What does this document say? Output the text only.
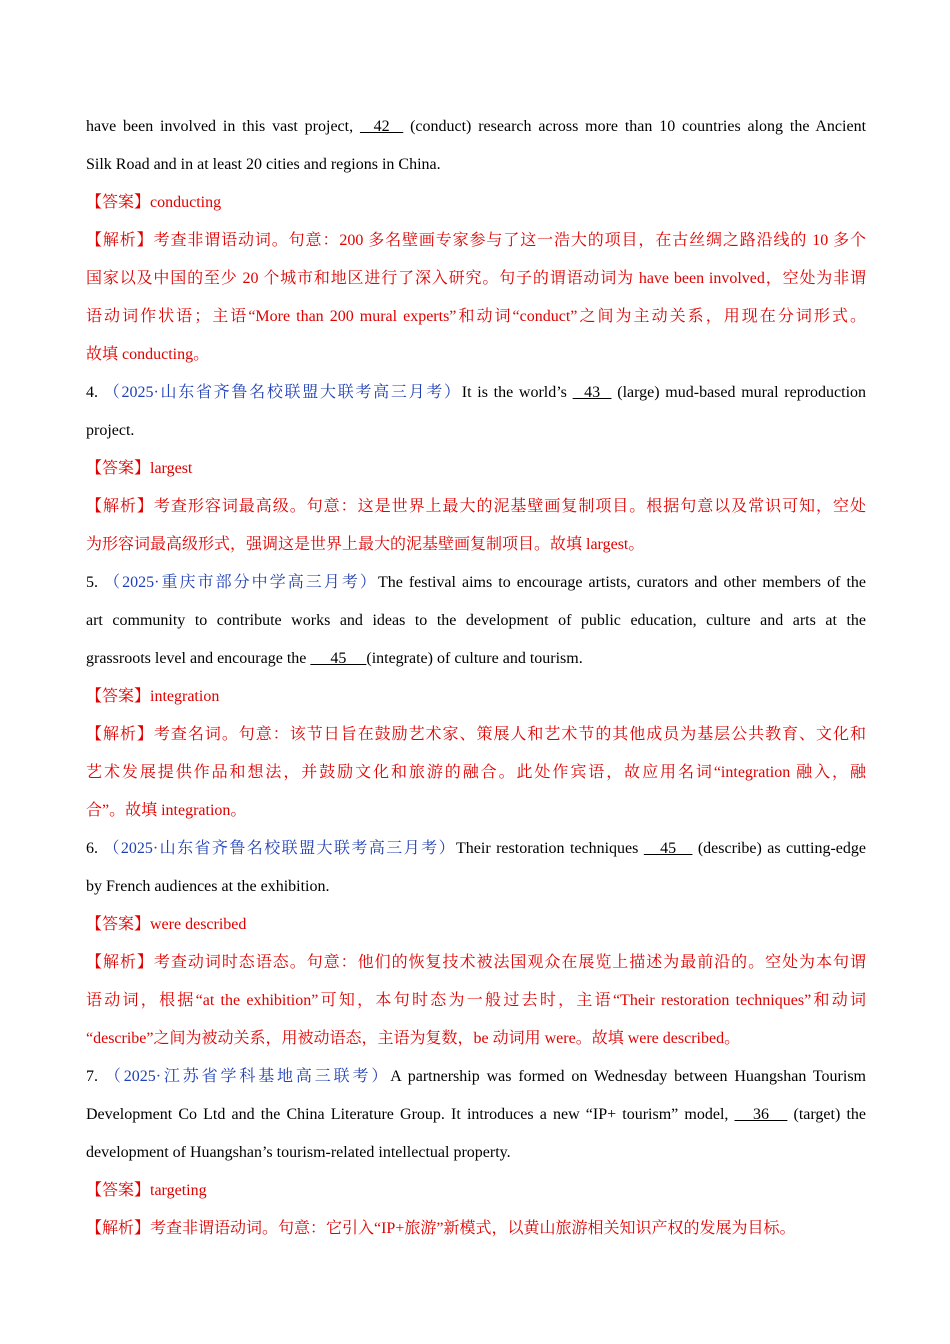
have been involved in this vast project,   42   (conduct) research across more than 10 countries along the Ancient
Silk Road and in at least 20 cities and regions in China.
【答案】conducting
【解析】考查非谓语动词。句意：200 多名壁画专家参与了这一浩大的项目，在古丝绸之路沿线的 10 多个
国家以及中国的至少 20 个城市和地区进行了深入研究。句子的谓语动词为 have been involved，空处为非谓
语动词作状语；主语“More than 200 mural experts”和动词“conduct”之间为主动关系，用现在分词形式。
故填 conducting。
4. （2025·山东省齐鲁名校联盟大联考高三月考）It is the world’s   43   (large) mud-based mural reproduction
project.
【答案】largest
【解析】考查形容词最高级。句意：这是世界上最大的泥基壁画复制项目。根据句意以及常识可知，空处
为形容词最高级形式，强调这是世界上最大的泥基壁画复制项目。故填 largest。
5. （2025·重庆市部分中学高三月考）The festival aims to encourage artists, curators and other members of the
art community to contribute works and ideas to the development of public education, culture and arts at the
grassroots level and encourage the      45     (integrate) of culture and tourism.
【答案】integration
【解析】考查名词。句意：该节日旨在鼓励艺术家、策展人和艺术节的其他成员为基层公共教育、文化和
艺术发展提供作品和想法，并鼓励文化和旅游的融合。此处作宾语，故应用名词“integration 融入，融
合”。故填 integration。
6. （2025·山东省齐鲁名校联盟大联考高三月考）Their restoration techniques    45    (describe) as cutting-edge
by French audiences at the exhibition.
【答案】were described
【解析】考查动词时态语态。句意：他们的恢复技术被法国观众在展览上描述为最前沿的。空处为本句谓
语动词，根据“at the exhibition”可知，本句时态为一般过去时，主语“Their restoration techniques”和动词
“describe”之间为被动关系，用被动语态，主语为复数，be 动词用 were。故填 were described。
7. （2025·江苏省学科基地高三联考）A partnership was formed on Wednesday between Huangshan Tourism
Development Co Ltd and the China Literature Group. It introduces a new “IP+ tourism” model,    36    (target) the
development of Huangshan’s tourism-related intellectual property.
【答案】targeting
【解析】考查非谓语动词。句意：它引入“IP+旅游”新模式，以黄山旅游相关知识产权的发展为目标。
